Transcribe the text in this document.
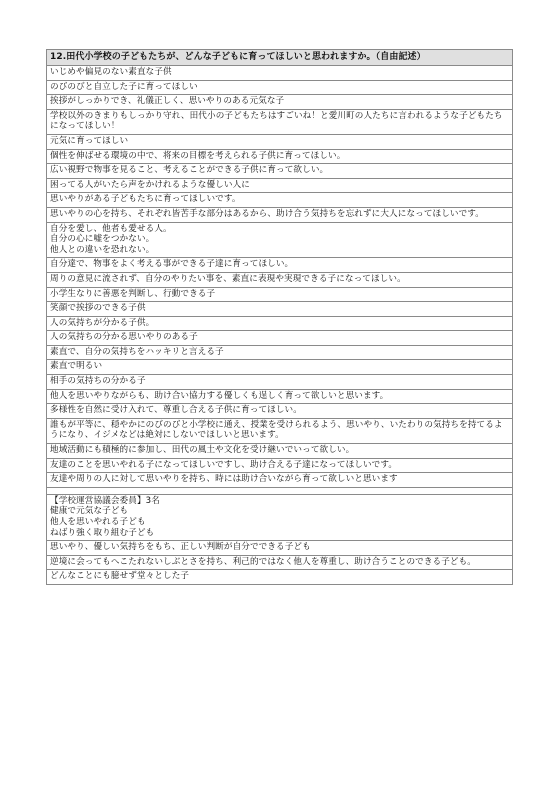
12.田代小学校の子どもたちが、どんな子どもに育ってほしいと思われますか。（自由記述）
いじめや偏見のない素直な子供
のびのびと自立した子に育ってほしい
挨拶がしっかりでき、礼儀正しく、思いやりのある元気な子
学校以外のきまりもしっかり守れ、田代小の子どもたちはすごいね！と愛川町の人たちに言われるような子どもたちになってほしい！
元気に育ってほしい
個性を伸ばせる環境の中で、将来の目標を考えられる子供に育ってほしい。
広い視野で物事を見ること、考えることができる子供に育って欲しい。
困ってる人がいたら声をかけれるような優しい人に
思いやりがある子どもたちに育ってほしいです。
思いやりの心を持ち、それぞれ皆苦手な部分はあるから、助け合う気持ちを忘れずに大人になってほしいです。

自分を愛し、他者も愛せる人。
自分の心に嘘をつかない。
他人との違いを恐れない。

自分達で、物事をよく考える事ができる子達に育ってほしい。
周りの意見に流されず、自分のやりたい事を、素直に表現や実現できる子になってほしい。
小学生なりに善悪を判断し、行動できる子
笑顔で挨拶のできる子供
人の気持ちが分かる子供。
人の気持ちの分かる思いやりのある子
素直で、自分の気持ちをハッキリと言える子
素直で明るい
相手の気持ちの分かる子
他人を思いやりながらも、助け合い協力する優しくも逞しく育って欲しいと思います。
多様性を自然に受け入れて、尊重し合える子供に育ってほしい。
誰もが平等に、穏やかにのびのびと小学校に通え、授業を受けられるよう、思いやり、いたわりの気持ちを持てるようになり、イジメなどは絶対にしないでほしいと思います。
地域活動にも積極的に参加し、田代の風土や文化を受け継いでいって欲しい。
友達のことを思いやれる子になってほしいですし、助け合える子達になってほしいです。
友達や周りの人に対して思いやりを持ち、時には助け合いながら育って欲しいと思います

【学校運営協議会委員】3名
健康で元気な子ども
他人を思いやれる子ども
ねばり強く取り組む子ども

思いやり、優しい気持ちをもち、正しい判断が自分でできる子ども
逆境に会ってもへこたれないしぶとさを持ち、利己的ではなく他人を尊重し、助け合うことのできる子ども。
どんなことにも臆せず堂々とした子
